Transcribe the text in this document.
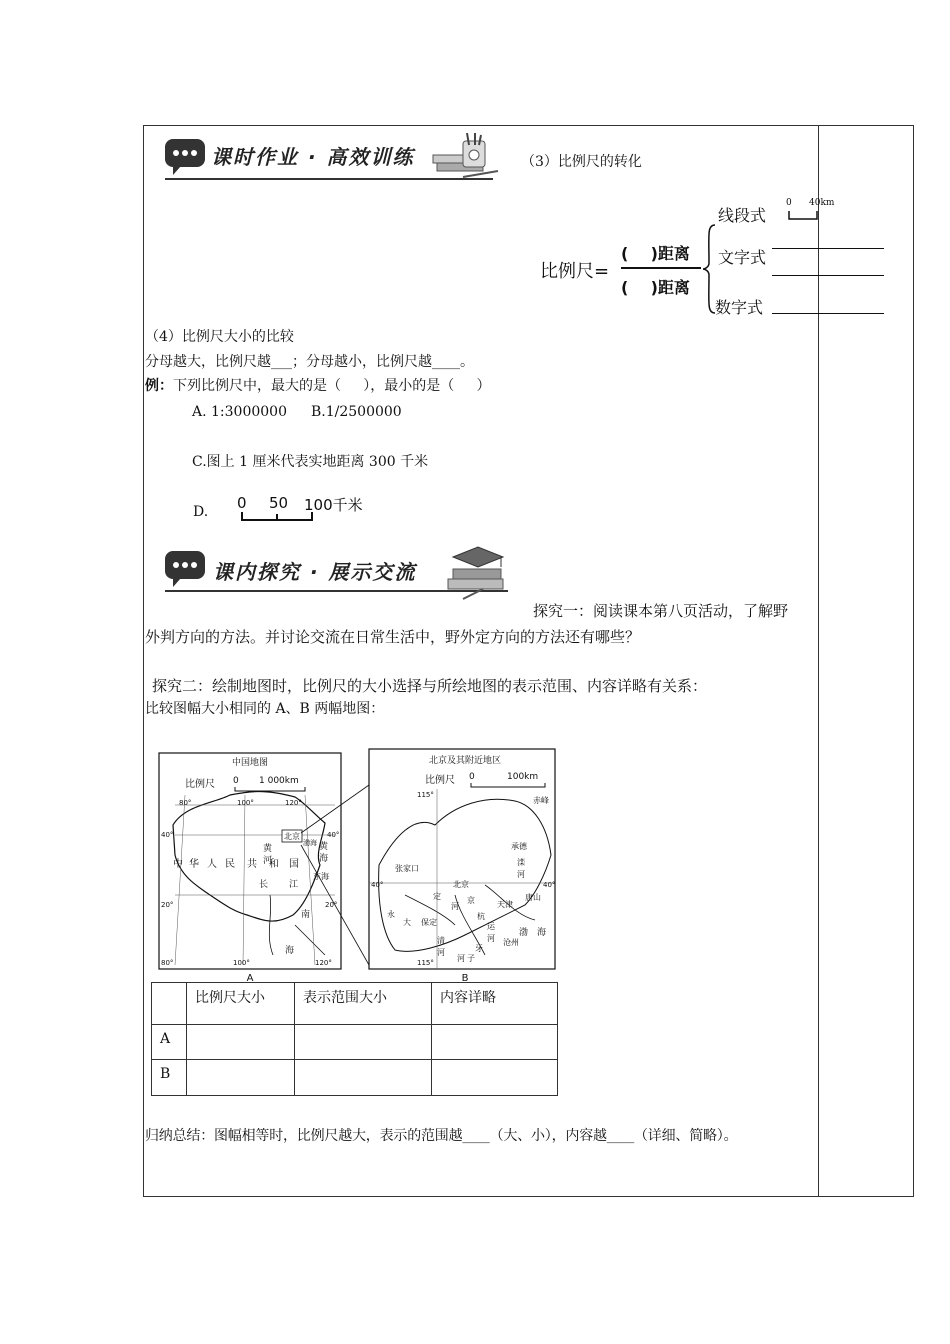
课时作业 · 高效训练	（3）比例尺的转化
比例尺=
(    )距离
(    )距离
线段式
文字式
数字式
0 40km
（4）比例尺大小的比较
分母越大，比例尺越___；分母越小，比例尺越____。
例：下列比例尺中，最大的是（     ），最小的是（     ）
A. 1:3000000 B.1/2500000
C.图上 1 厘米代表实地距离 300 千米
D. 0 50 100千米
课内探究 · 展示交流
探究一：阅读课本第八页活动，了解野
外判方向的方法。并讨论交流在日常生活中，野外定方向的方法还有哪些？
探究二：绘制地图时，比例尺的大小选择与所绘地图的表示范围、内容详略有关系：
比较图幅大小相同的 A、B 两幅地图：
中国地图
比例尺 0 1 000km
80°	100°	120°
40°	40°
20°	20°
80°	100°	120°
北京
渤海
黄
河
黄
海
中 华 人 民 共 和 国
长 江
东海
南
海
A
北京及其附近地区
比例尺 0	100km
115°
赤峰
承德
张家口
滦
河
40°	40°
北京
永
定
河	天津
唐山
保定
京
杭
运
河
大
清
河
沧州
牙
子
河
渤 海
115°
B
	比例尺大小	表示范围大小	内容详略
A			
B			
归纳总结：图幅相等时，比例尺越大，表示的范围越____（大、小），内容越____（详细、简略）。
